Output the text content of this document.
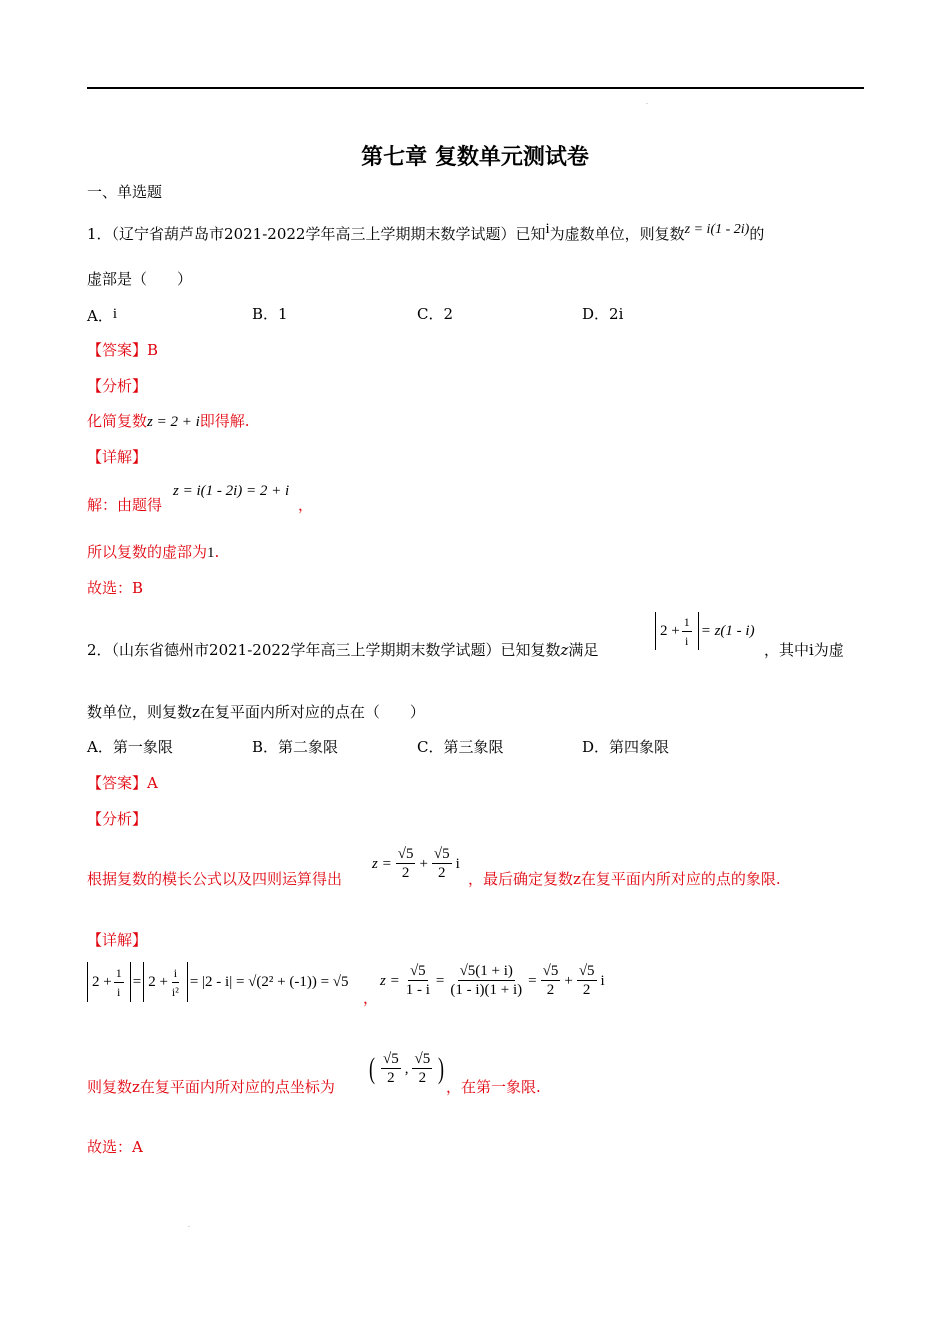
.
.
第七章 复数单元测试卷
一、单选题
1．（辽宁省葫芦岛市2021-2022学年高三上学期期末数学试题）已知$^i$为虚数单位，则复数$^{z = i(1 - 2i)}$的
虚部是（　　）
A．i	B．1	C．2	D．2i
【答案】B
【分析】
化简复数z = 2 + i即得解.
【详解】
解：由题得
z = i(1 - 2i) = 2 + i
，
所以复数的虚部为1.
故选：B
2．（山东省德州市2021-2022学年高三上学期期末数学试题）已知复数z满足
$2 + \frac{1}{i} = z(1 - i)$
，其中i为虚
数单位，则复数z在复平面内所对应的点在（　　）
A．第一象限	B．第二象限	C．第三象限	D．第四象限
【答案】A
【分析】
根据复数的模长公式以及四则运算得出
$z = \frac{√5}{2} + \frac{√5}{2}$ i
，最后确定复数z在复平面内所对应的点的象限.
【详解】
$2 + \frac{1}{i} = 2 + \frac{i}{\text{i²}} = |2 - i| = √(2^2 + (-1)) = √5$
，
$z = \frac{√5}{1 - i} = \frac{√5(1 + i)}{(1 - i)(1 + i)} = \frac{√5}{2} + \frac{√5}{2}$ i
则复数z在复平面内所对应的点坐标为
( $\frac{√5}{2}$ , $\frac{√5}{2}$ )
，在第一象限.
故选：A
